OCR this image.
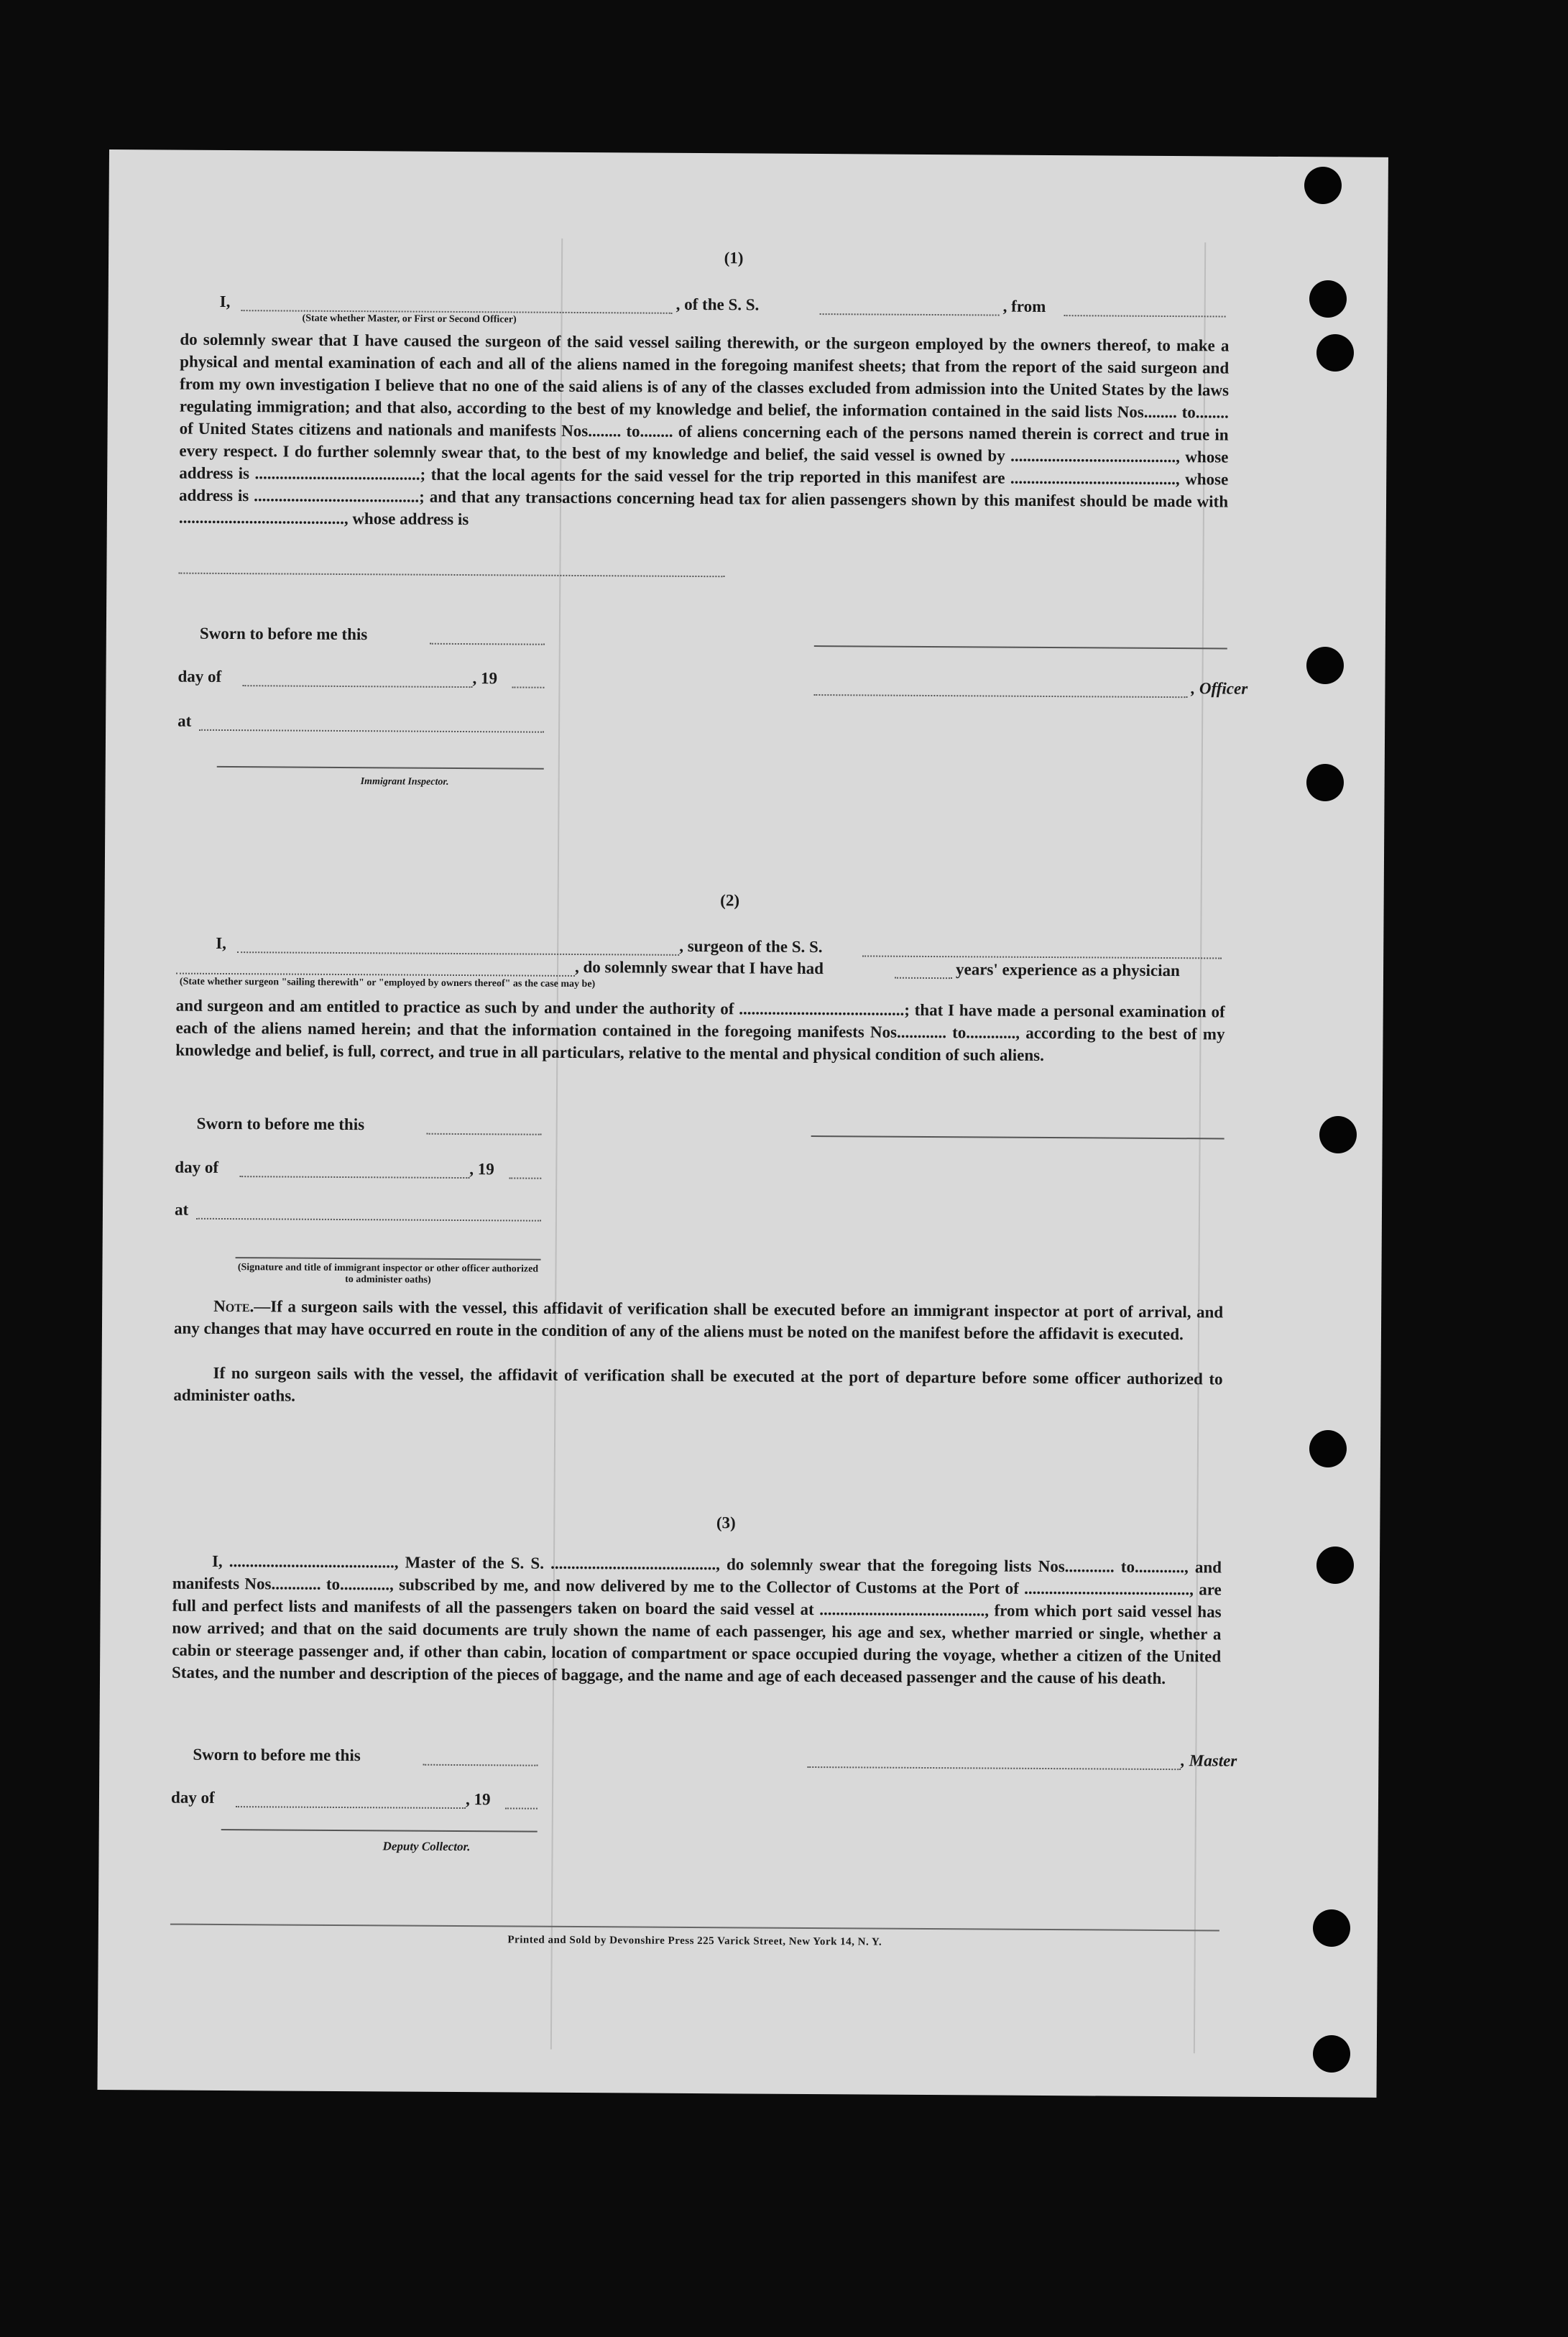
(1)
I,	, of the S. S.	, from
(State whether Master, or First or Second Officer)
do solemnly swear that I have caused the surgeon of the said vessel sailing therewith, or the surgeon employed by the owners thereof, to make a physical and mental examination of each and all of the aliens named in the foregoing manifest sheets; that from the report of the said surgeon and from my own investigation I believe that no one of the said aliens is of any of the classes excluded from admission into the United States by the laws regulating immigration; and that also, according to the best of my knowledge and belief, the information contained in the said lists Nos........ to........ of United States citizens and nationals and manifests Nos........ to........ of aliens concerning each of the persons named therein is correct and true in every respect. I do further solemnly swear that, to the best of my knowledge and belief, the said vessel is owned by ........................................, whose address is ........................................; that the local agents for the said vessel for the trip reported in this manifest are ........................................, whose address is ........................................; and that any transactions concerning head tax for alien passengers shown by this manifest should be made with ........................................, whose address is
Sworn to before me this
day of	, 19
, Officer
at
Immigrant Inspector.
(2)
I,	, surgeon of the S. S.
, do solemnly swear that I have had	years' experience as a physician
(State whether surgeon "sailing therewith" or "employed by owners thereof" as the case may be)
and surgeon and am entitled to practice as such by and under the authority of ........................................; that I have made a personal examination of each of the aliens named herein; and that the information contained in the foregoing manifests Nos............ to............, according to the best of my knowledge and belief, is full, correct, and true in all particulars, relative to the mental and physical condition of such aliens.
Sworn to before me this
day of	, 19
at
(Signature and title of immigrant inspector or other officer authorized to administer oaths)
Note.—If a surgeon sails with the vessel, this affidavit of verification shall be executed before an immigrant inspector at port of arrival, and any changes that may have occurred en route in the condition of any of the aliens must be noted on the manifest before the affidavit is executed.
If no surgeon sails with the vessel, the affidavit of verification shall be executed at the port of departure before some officer authorized to administer oaths.
(3)
I, ........................................, Master of the S. S. ........................................, do solemnly swear that the foregoing lists Nos............ to............, and manifests Nos............ to............, subscribed by me, and now delivered by me to the Collector of Customs at the Port of ........................................, are full and perfect lists and manifests of all the passengers taken on board the said vessel at ........................................, from which port said vessel has now arrived; and that on the said documents are truly shown the name of each passenger, his age and sex, whether married or single, whether a cabin or steerage passenger and, if other than cabin, location of compartment or space occupied during the voyage, whether a citizen of the United States, and the number and description of the pieces of baggage, and the name and age of each deceased passenger and the cause of his death.
Sworn to before me this	, Master
day of	, 19
Deputy Collector.
Printed and Sold by Devonshire Press 225 Varick Street, New York 14, N. Y.
